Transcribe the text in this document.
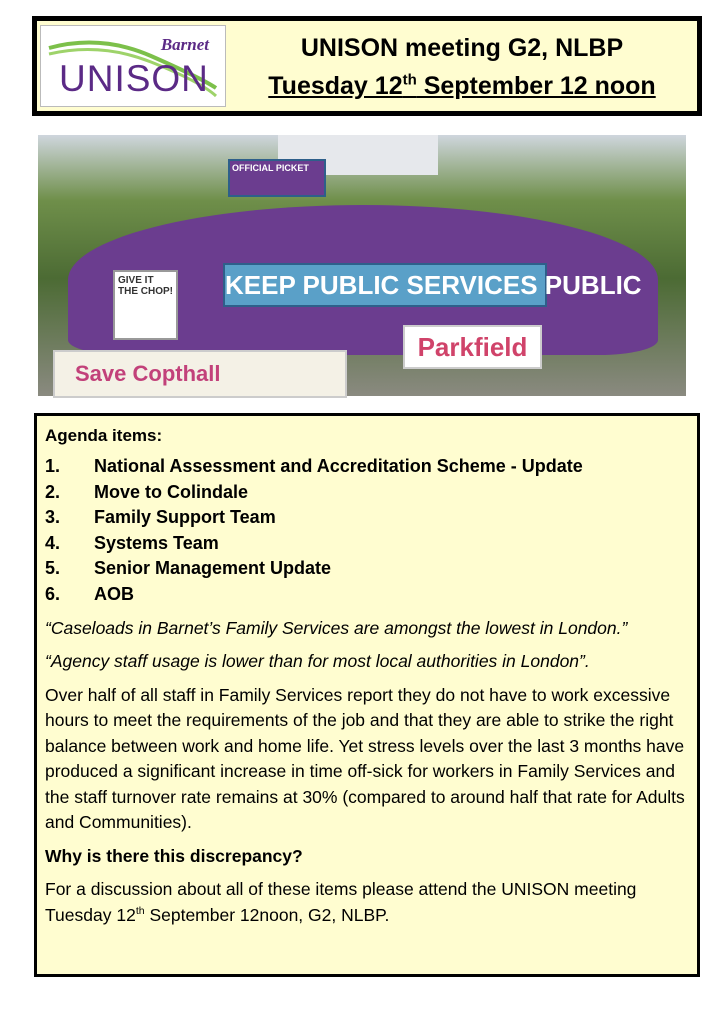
Barnet
UNISON
UNISON meeting G2, NLBP
Tuesday 12th September 12 noon
OFFICIAL PICKET
GIVE IT THE CHOP! KEEP PUBLIC SERVICES PUBLIC
Parkfield
Save Copthall
Agenda items:
1.	National Assessment and Accreditation Scheme - Update
2.	Move to Colindale
3.	Family Support Team
4.	Systems Team
5.	Senior Management Update
6.	AOB

“Caseloads in Barnet’s Family Services are amongst the lowest in London.”

“Agency staff usage is lower than for most local authorities in London”.

Over half of all staff in Family Services report they do not have to work excessive hours to meet the requirements of the job and that they are able to strike the right balance between work and home life. Yet stress levels over the last 3 months have produced a significant increase in time off-sick for workers in Family Services and the staff turnover rate remains at 30% (compared to around half that rate for Adults and Communities).

Why is there this discrepancy?

For a discussion about all of these items please attend the UNISON meeting Tuesday 12th September 12noon, G2, NLBP.
